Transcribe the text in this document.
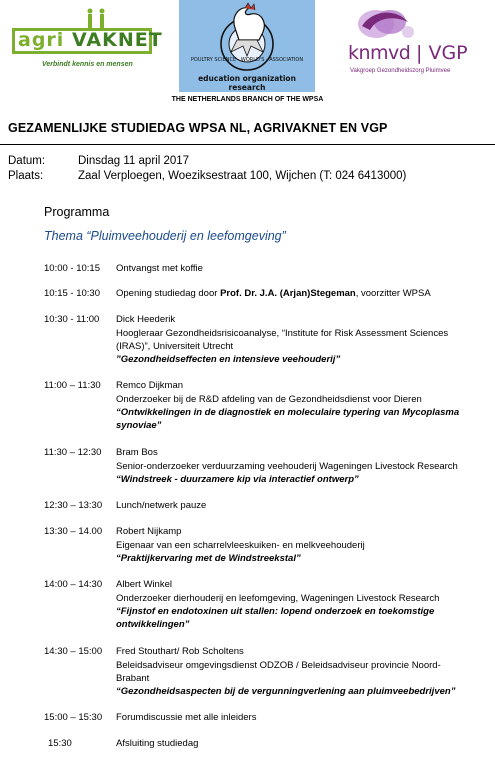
agri VAKNET
Verbindt kennis en mensen
POULTRY SCIENCE · WORLD'S · ASSOCIATION
education organization research
knmvd | VGP
Vakgroep Gezondheidszorg Pluimvee
THE NETHERLANDS BRANCH OF THE WPSA
GEZAMENLIJKE STUDIEDAG WPSA NL, AGRIVAKNET EN VGP
Datum:	Dinsdag 11 april 2017
Plaats:	Zaal Verploegen, Woeziksestraat 100, Wijchen (T: 024 6413000)
Programma
Thema “Pluimveehouderij en leefomgeving”
10:00 - 10:15 Ontvangst met koffie
10:15 - 10:30 Opening studiedag door Prof. Dr. J.A. (Arjan)Stegeman, voorzitter WPSA
10:30 - 11:00 Dick Heederik
Hoogleraar Gezondheidsrisicoanalyse, “Institute for Risk Assessment Sciences
(IRAS)”, Universiteit Utrecht
”Gezondheidseffecten en intensieve veehouderij”
11:00 – 11:30 Remco Dijkman
Onderzoeker bij de R&D afdeling van de Gezondheidsdienst voor Dieren
“Ontwikkelingen in de diagnostiek en moleculaire typering van Mycoplasma
synoviae”
11:30 – 12:30 Bram Bos
Senior-onderzoeker verduurzaming veehouderij Wageningen Livestock Research
“Windstreek - duurzamere kip via interactief ontwerp”
12:30 – 13:30 Lunch/netwerk pauze
13:30 – 14.00 Robert Nijkamp
Eigenaar van een scharrelvleeskuiken- en melkveehouderij
“Praktijkervaring met de Windstreekstal”
14:00 – 14:30 Albert Winkel
Onderzoeker dierhouderij en leefomgeving, Wageningen Livestock Research
“Fijnstof en endotoxinen uit stallen: lopend onderzoek en toekomstige
ontwikkelingen”
14:30 – 15:00 Fred Stouthart/ Rob Scholtens
Beleidsadviseur omgevingsdienst ODZOB / Beleidsadviseur provincie Noord-
Brabant
“Gezondheidsaspecten bij de vergunningverlening aan pluimveebedrijven”
15:00 – 15:30 Forumdiscussie met alle inleiders
15:30	Afsluiting studiedag
